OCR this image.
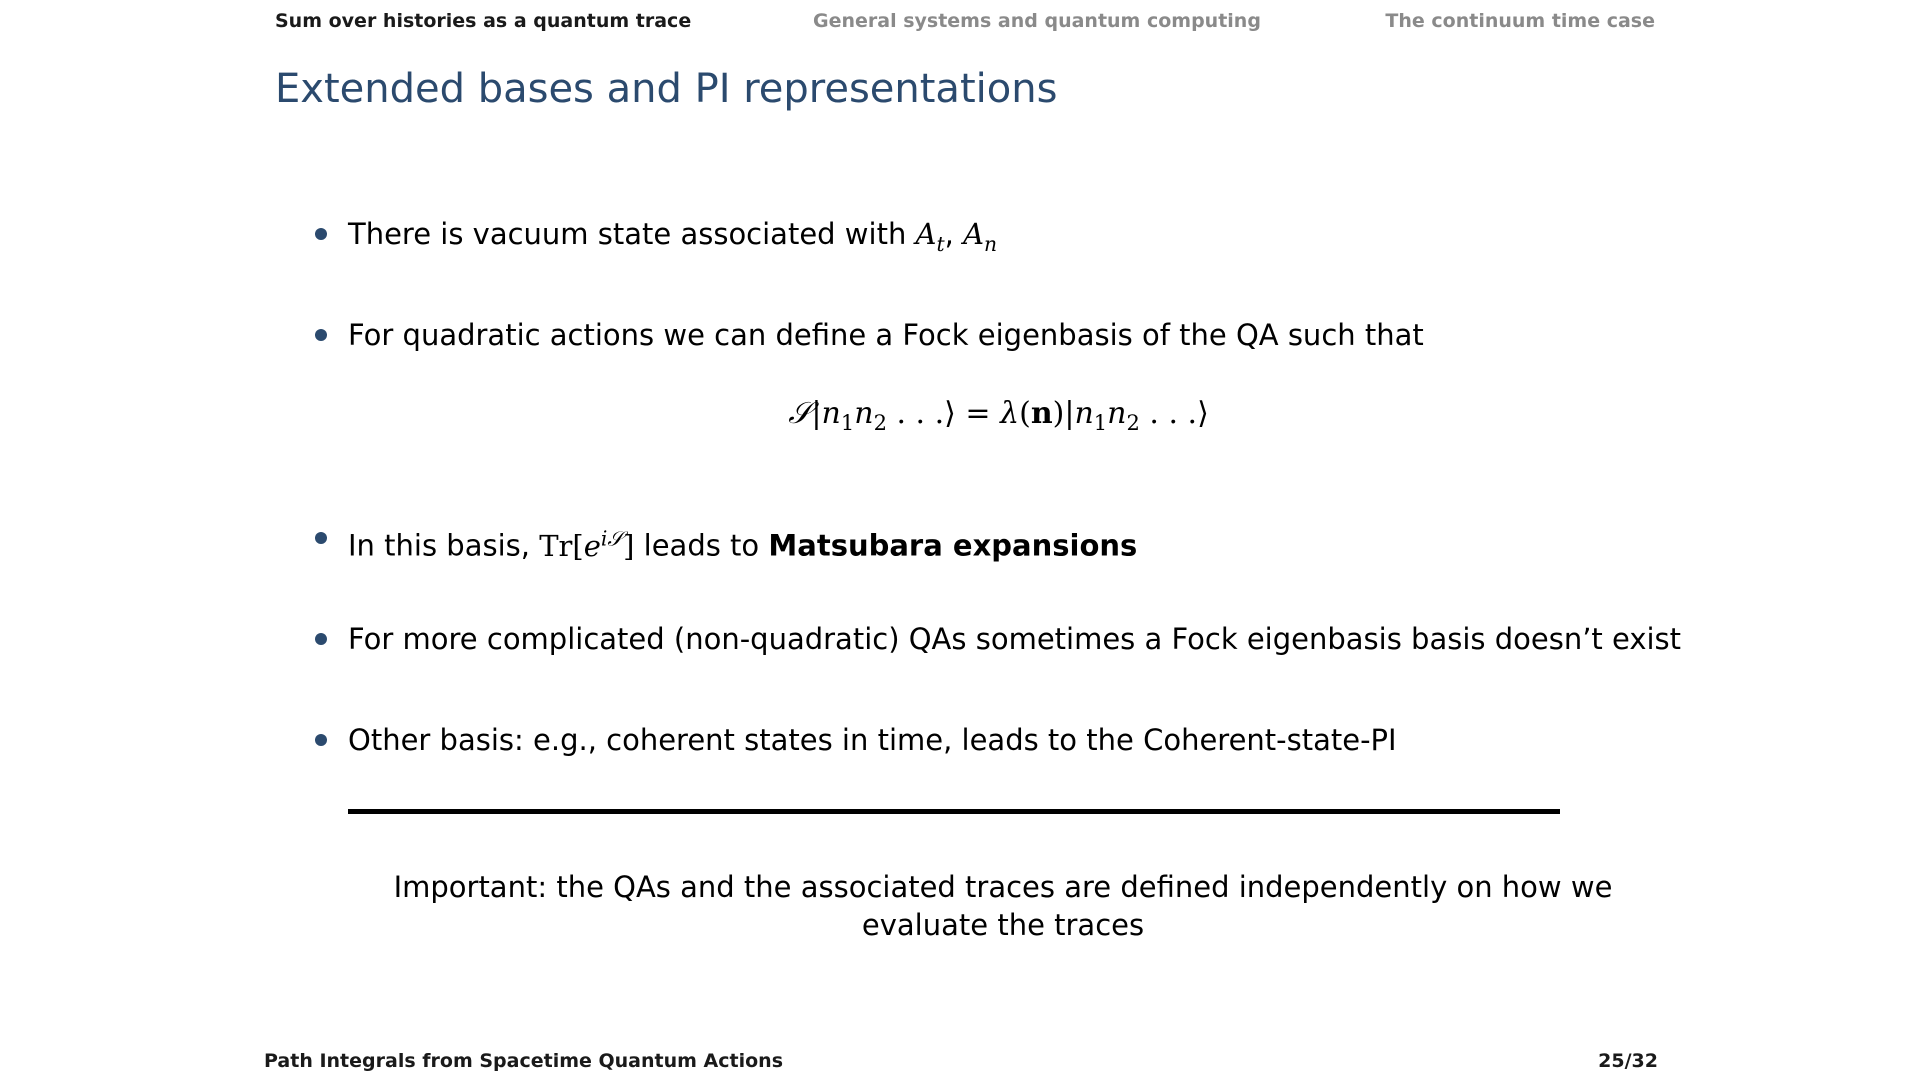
Sum over histories as a quantum trace	General systems and quantum computing	The continuum time case
Extended bases and PI representations
There is vacuum state associated with $A_t$, $A_n$
For quadratic actions we can define a Fock eigenbasis of the QA such that
In this basis, $Tr[e^{i𝒮}]$ leads to Matsubara expansions
For more complicated (non-quadratic) QAs sometimes a Fock eigenbasis basis doesn’t exist
Other basis: e.g., coherent states in time, leads to the Coherent-state-PI
$𝒮|n_1n_2$ . . .⟩ = $\lambda(n)|n_1n_2$ . . .⟩
Important: the QAs and the associated traces are defined independently on how we evaluate the traces
Path Integrals from Spacetime Quantum Actions	25/32
